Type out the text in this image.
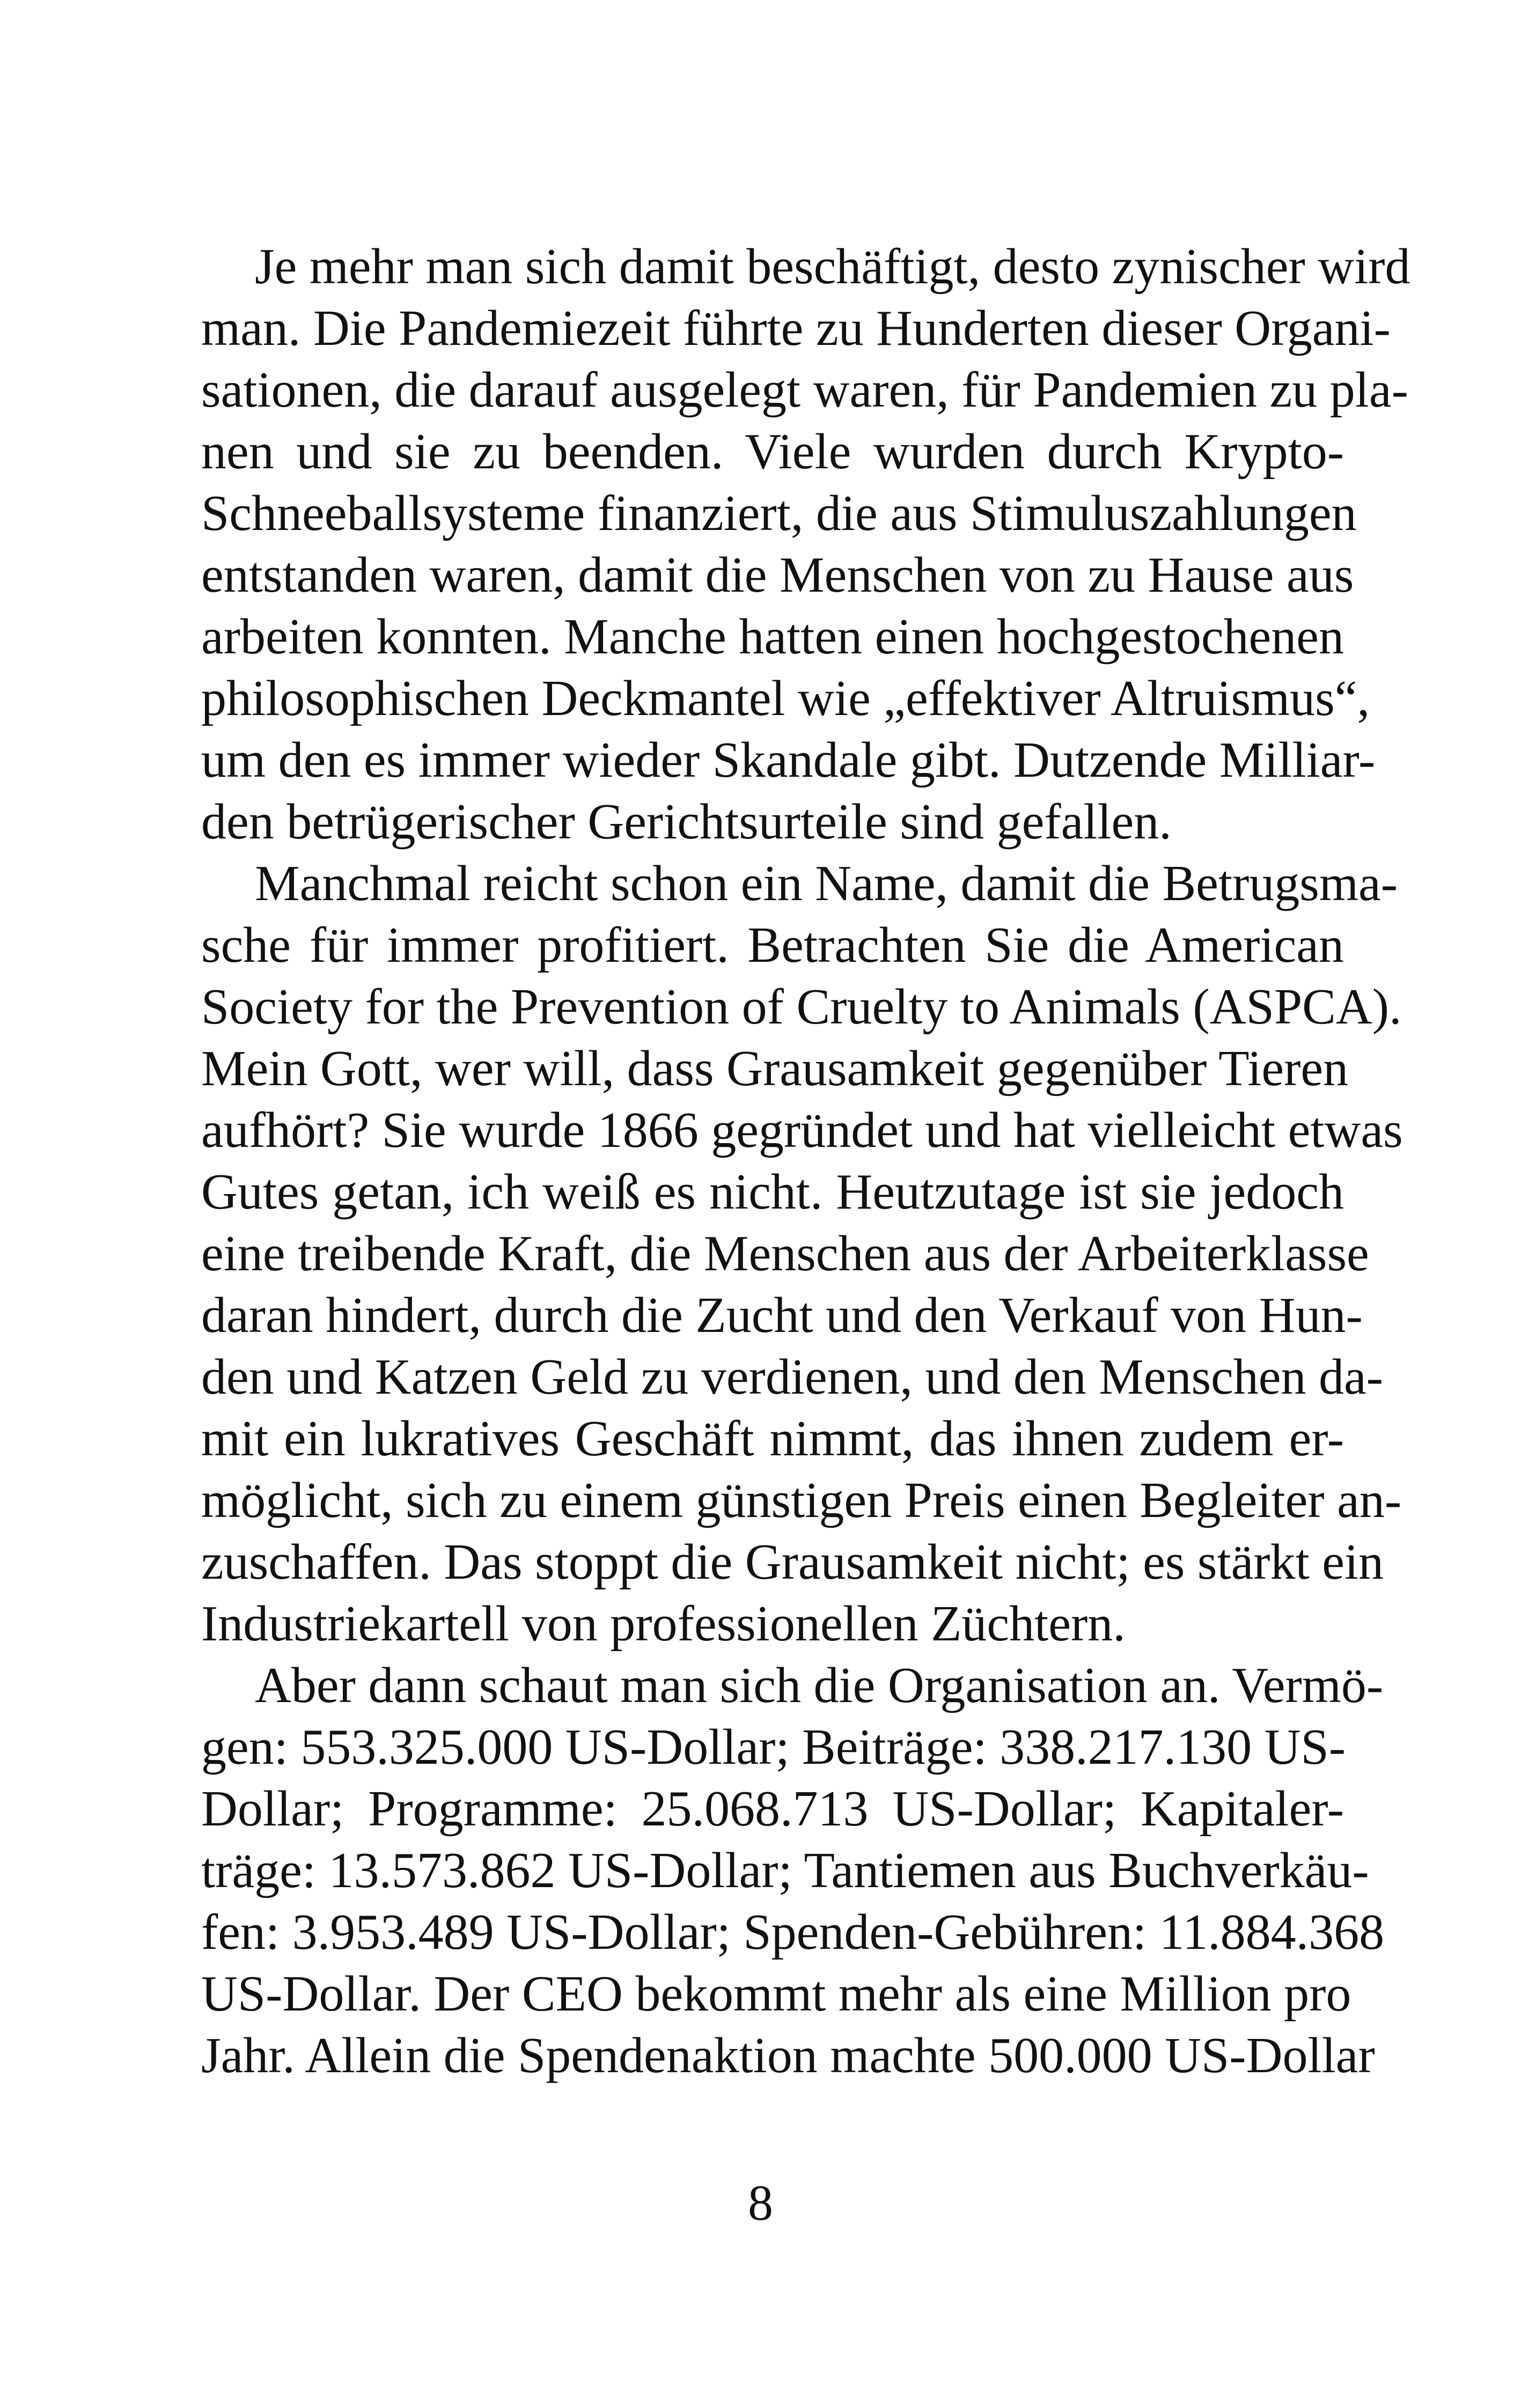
Je mehr man sich damit beschäftigt, desto zynischer wird
man. Die Pandemiezeit führte zu Hunderten dieser Organi-
sationen, die darauf ausgelegt waren, für Pandemien zu pla-
nen und sie zu beenden. Viele wurden durch Krypto-
Schneeballsysteme finanziert, die aus Stimuluszahlungen
entstanden waren, damit die Menschen von zu Hause aus
arbeiten konnten. Manche hatten einen hochgestochenen
philosophischen Deckmantel wie „effektiver Altruismus“,
um den es immer wieder Skandale gibt. Dutzende Milliar-
den betrügerischer Gerichtsurteile sind gefallen.
Manchmal reicht schon ein Name, damit die Betrugsma-
sche für immer profitiert. Betrachten Sie die American
Society for the Prevention of Cruelty to Animals (ASPCA).
Mein Gott, wer will, dass Grausamkeit gegenüber Tieren
aufhört? Sie wurde 1866 gegründet und hat vielleicht etwas
Gutes getan, ich weiß es nicht. Heutzutage ist sie jedoch
eine treibende Kraft, die Menschen aus der Arbeiterklasse
daran hindert, durch die Zucht und den Verkauf von Hun-
den und Katzen Geld zu verdienen, und den Menschen da-
mit ein lukratives Geschäft nimmt, das ihnen zudem er-
möglicht, sich zu einem günstigen Preis einen Begleiter an-
zuschaffen. Das stoppt die Grausamkeit nicht; es stärkt ein
Industriekartell von professionellen Züchtern.
Aber dann schaut man sich die Organisation an. Vermö-
gen: 553.325.000 US-Dollar; Beiträge: 338.217.130 US-
Dollar; Programme: 25.068.713 US-Dollar; Kapitaler-
träge: 13.573.862 US-Dollar; Tantiemen aus Buchverkäu-
fen: 3.953.489 US-Dollar; Spenden-Gebühren: 11.884.368
US-Dollar. Der CEO bekommt mehr als eine Million pro
Jahr. Allein die Spendenaktion machte 500.000 US-Dollar
8
